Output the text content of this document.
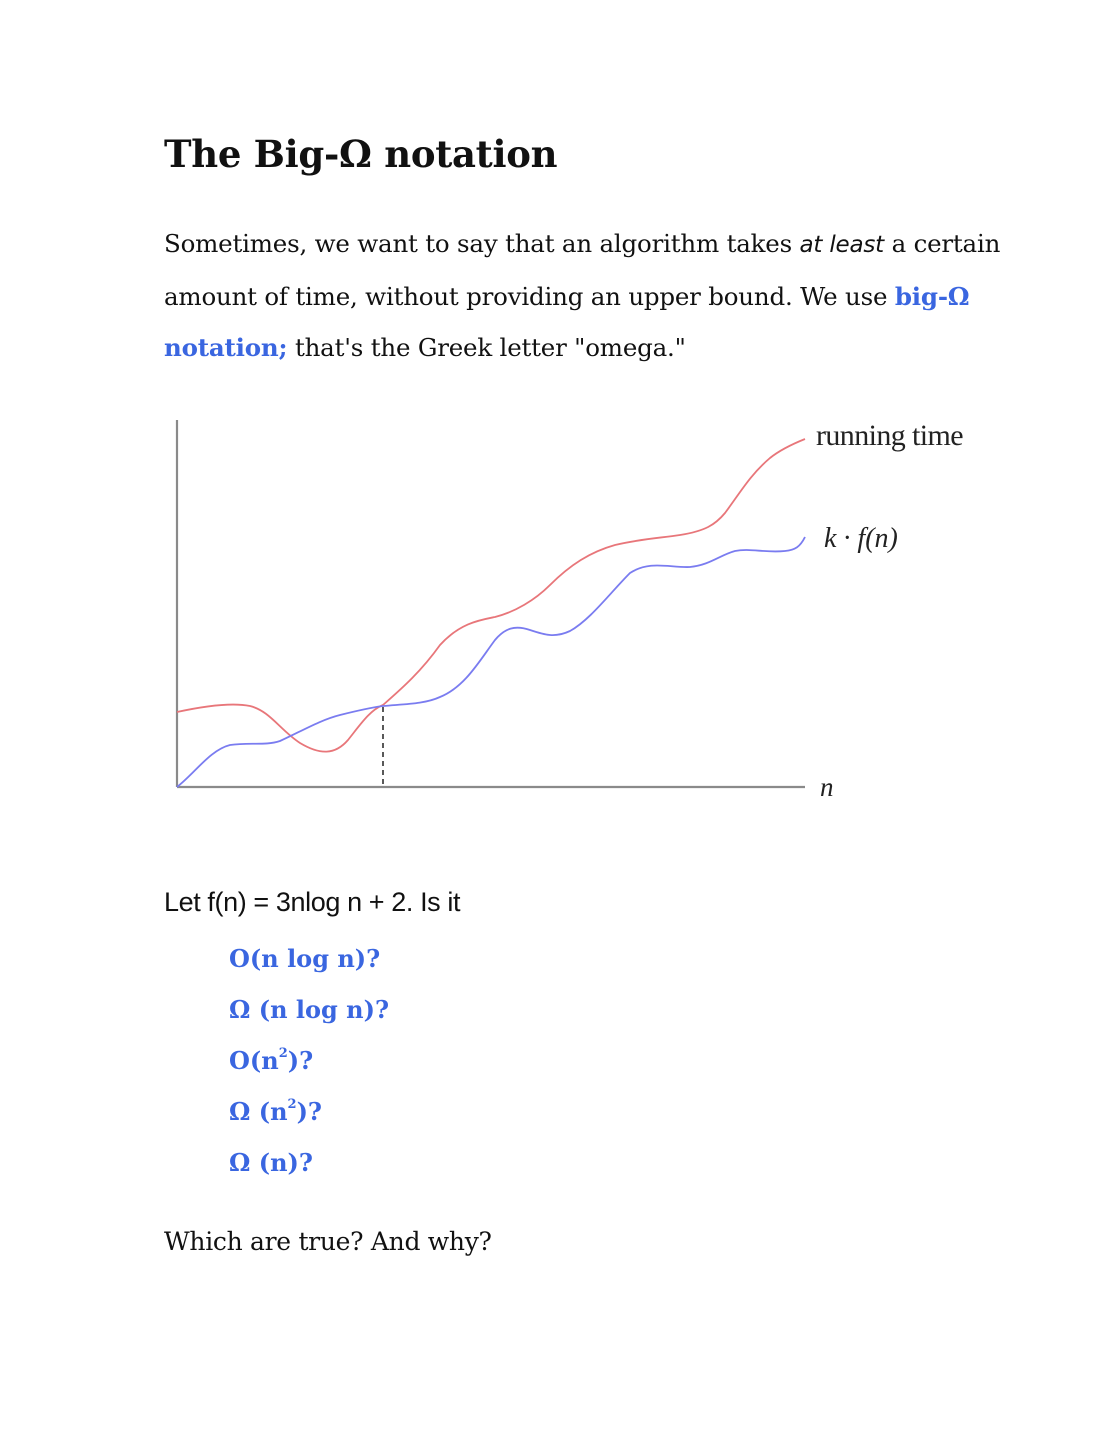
The Big-Ω notation

Sometimes, we want to say that an algorithm takes at least a certain amount of time, without providing an upper bound. We use big-Ω notation; that's the Greek letter "omega."

running time
k · f(n)
n

Let f(n) = 3nlog n + 2. Is it

O(n log n)?
Ω (n log n)?
$O(n^2)$?
Ω $(n^2)$?
Ω (n)?

Which are true? And why?
